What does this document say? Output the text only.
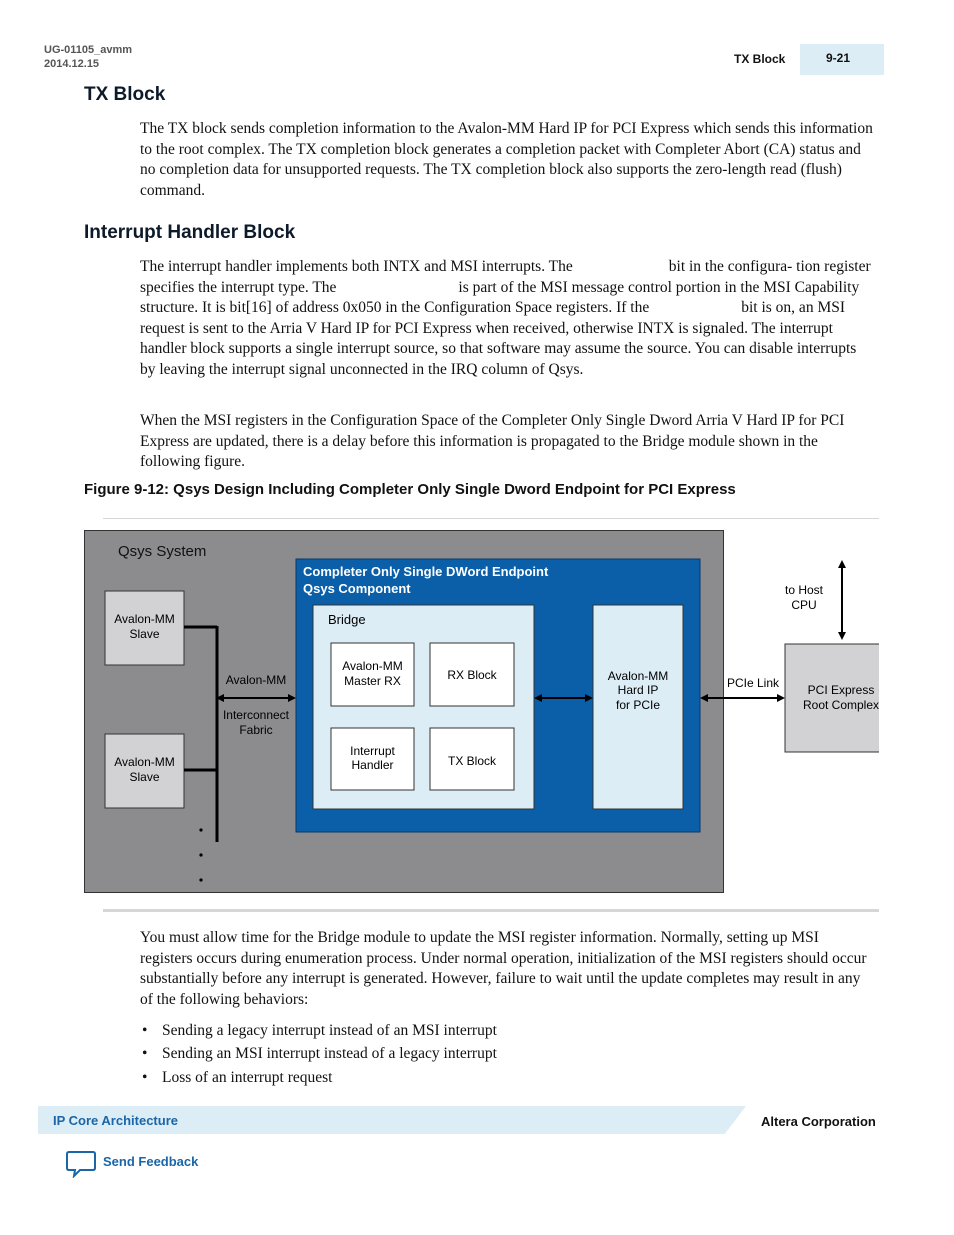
UG-01105_avmm
2014.12.15	TX Block	9-21
TX Block

The TX block sends completion information to the Avalon‑MM Hard IP for PCI Express which sends this information to the root complex. The TX completion block generates a completion packet with Completer Abort (CA) status and no completion data for unsupported requests. The TX completion block also supports the zero‑length read (flush) command.

Interrupt Handler Block

The interrupt handler implements both INTX and MSI interrupts. The	bit in the configura- tion register specifies the interrupt type. The	is part of the MSI message control portion in the MSI Capability structure. It is bit[16] of address 0x050 in the Configuration Space registers. If the	bit is on, an MSI request is sent to the Arria V Hard IP for PCI Express when received, otherwise INTX is signaled. The interrupt handler block supports a single interrupt source, so that software may assume the source. You can disable interrupts by leaving the interrupt signal unconnected in the IRQ column of Qsys.

When the MSI registers in the Configuration Space of the Completer Only Single Dword Arria V Hard IP for PCI Express are updated, there is a delay before this information is propagated to the Bridge module shown in the following figure.

Figure 9-12: Qsys Design Including Completer Only Single Dword Endpoint for PCI Express
Qsys System
Avalon-MM
Slave
Avalon-MM
Slave
Avalon-MM
Interconnect
Fabric
Completer Only Single DWord Endpoint
Qsys Component
Bridge
Avalon-MM
Master RX	RX Block
Interrupt
Handler	TX Block
Avalon-MM
Hard IP
for PCIe
PCIe Link PCI Express
Root Complex
to Host
CPU

You must allow time for the Bridge module to update the MSI register information. Normally, setting up MSI registers occurs during enumeration process. Under normal operation, initialization of the MSI registers should occur substantially before any interrupt is generated. However, failure to wait until the update completes may result in any of the following behaviors:

• Sending a legacy interrupt instead of an MSI interrupt
• Sending an MSI interrupt instead of a legacy interrupt
• Loss of an interrupt request
IP Core Architecture	Altera Corporation
Send Feedback
